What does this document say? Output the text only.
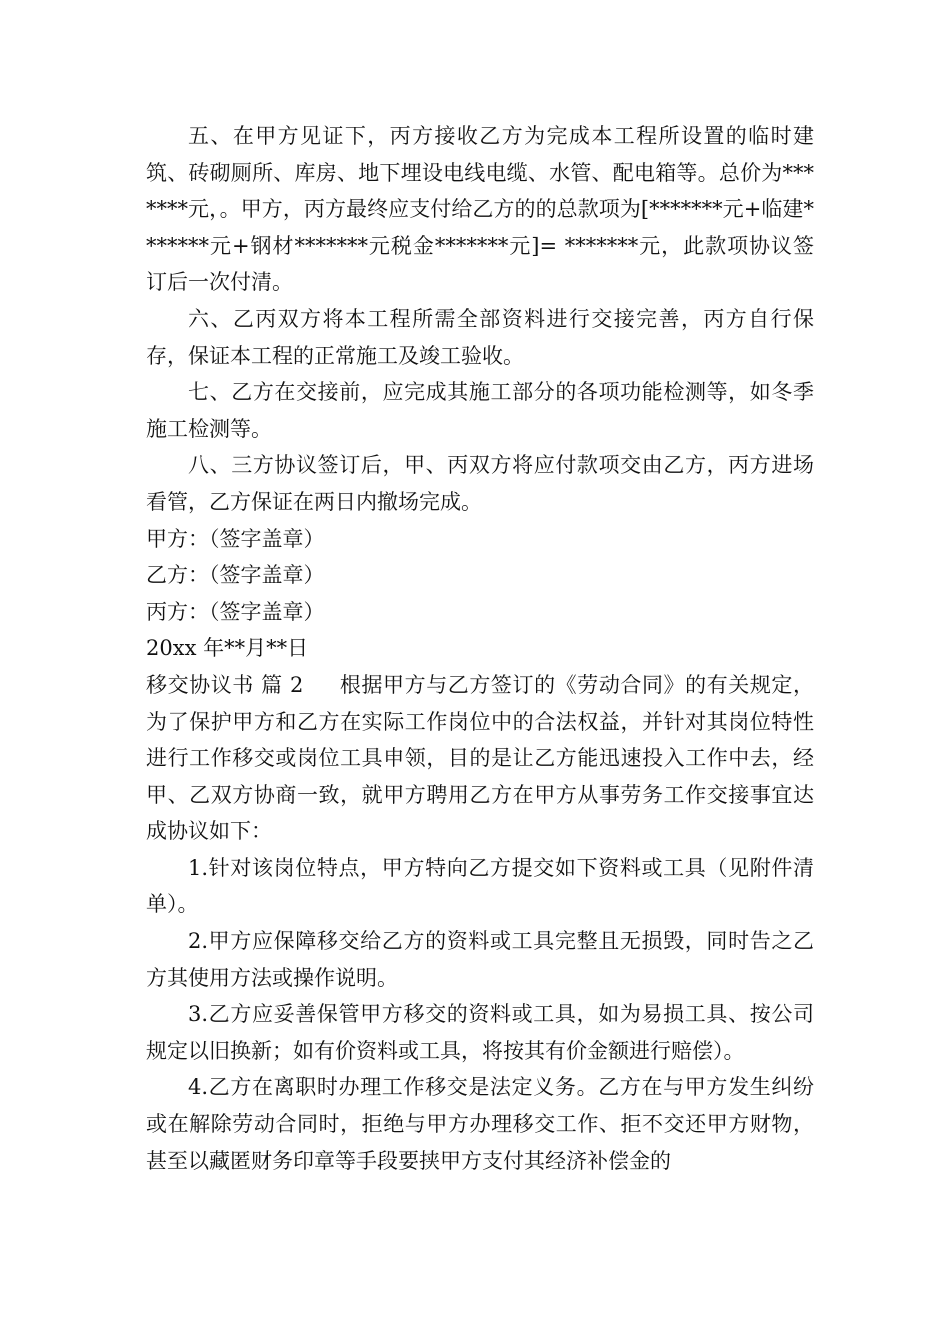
五、在甲方见证下，丙方接收乙方为完成本工程所设置的临时建筑、砖砌厕所、库房、地下埋设电线电缆、水管、配电箱等。总价为*******元，。甲方，丙方最终应支付给乙方的的总款项为[*******元+临建*******元+钢材*******元税金*******元]= *******元，此款项协议签订后一次付清。

六、乙丙双方将本工程所需全部资料进行交接完善，丙方自行保存，保证本工程的正常施工及竣工验收。

七、乙方在交接前，应完成其施工部分的各项功能检测等，如冬季施工检测等。

八、三方协议签订后，甲、丙双方将应付款项交由乙方，丙方进场看管，乙方保证在两日内撤场完成。

甲方：（签字盖章）

乙方：（签字盖章）

丙方：（签字盖章）

20xx 年**月**日

移交协议书 篇 2 根据甲方与乙方签订的《劳动合同》的有关规定，为了保护甲方和乙方在实际工作岗位中的合法权益，并针对其岗位特性进行工作移交或岗位工具申领，目的是让乙方能迅速投入工作中去，经甲、乙双方协商一致，就甲方聘用乙方在甲方从事劳务工作交接事宜达成协议如下：

1.针对该岗位特点，甲方特向乙方提交如下资料或工具（见附件清单）。

2.甲方应保障移交给乙方的资料或工具完整且无损毁，同时告之乙方其使用方法或操作说明。

3.乙方应妥善保管甲方移交的资料或工具，如为易损工具、按公司规定以旧换新；如有价资料或工具，将按其有价金额进行赔偿）。

4.乙方在离职时办理工作移交是法定义务。乙方在与甲方发生纠纷或在解除劳动合同时，拒绝与甲方办理移交工作、拒不交还甲方财物，甚至以藏匿财务印章等手段要挟甲方支付其经济补偿金的
